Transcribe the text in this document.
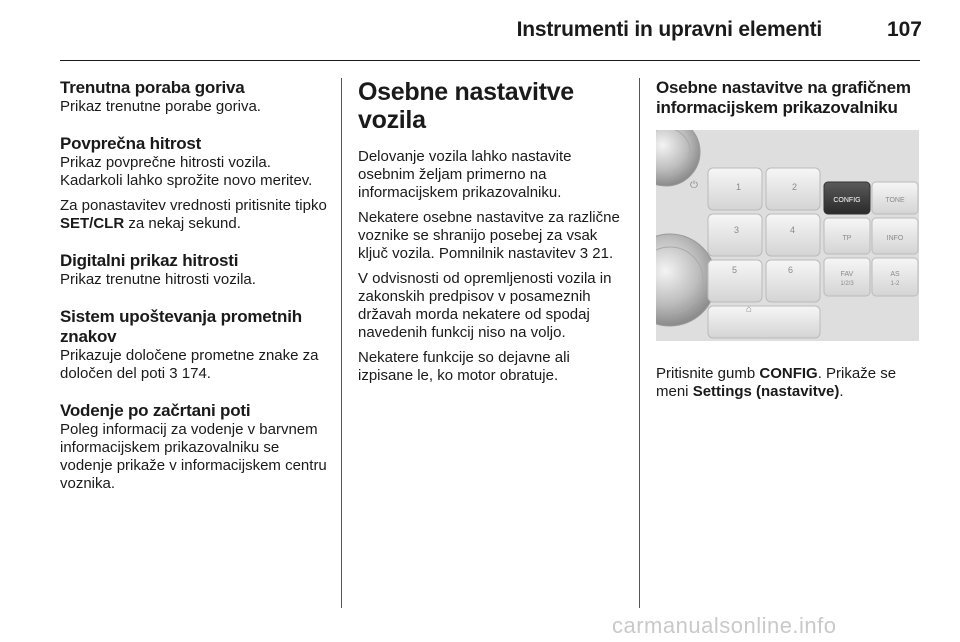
Instrumenti in upravni elementi	107
Trenutna poraba goriva

Prikaz trenutne porabe goriva.

Povprečna hitrost

Prikaz povprečne hitrosti vozila. Kadarkoli lahko sprožite novo meritev.

Za ponastavitev vrednosti pritisnite tipko SET/CLR za nekaj sekund.

Digitalni prikaz hitrosti

Prikaz trenutne hitrosti vozila.

Sistem upoštevanja prometnih znakov

Prikazuje določene prometne znake za določen del poti 3 174.

Vodenje po začrtani poti

Poleg informacij za vodenje v barvnem informacijskem prikazovalniku se vodenje prikaže v informacijskem centru voznika.

Osebne nastavitve vozila

Delovanje vozila lahko nastavite osebnim željam primerno na informacijskem prikazovalniku.

Nekatere osebne nastavitve za različne voznike se shranijo posebej za vsak ključ vozila. Pomnilnik nastavitev 3 21.

V odvisnosti od opremljenosti vozila in zakonskih predpisov v posameznih državah morda nekatere od spodaj navedenih funkcij niso na voljo.

Nekatere funkcije so dejavne ali izpisane le, ko motor obratuje.

Osebne nastavitve na grafičnem informacijskem prikazovalniku
⏻	1	2
3	4
5	6
⌂
CONFIG	TONE
TP	INFO
FAV
1/2/3
AS
1-2

Pritisnite gumb CONFIG. Prikaže se meni Settings (nastavitve).

carmanualsonline.info
